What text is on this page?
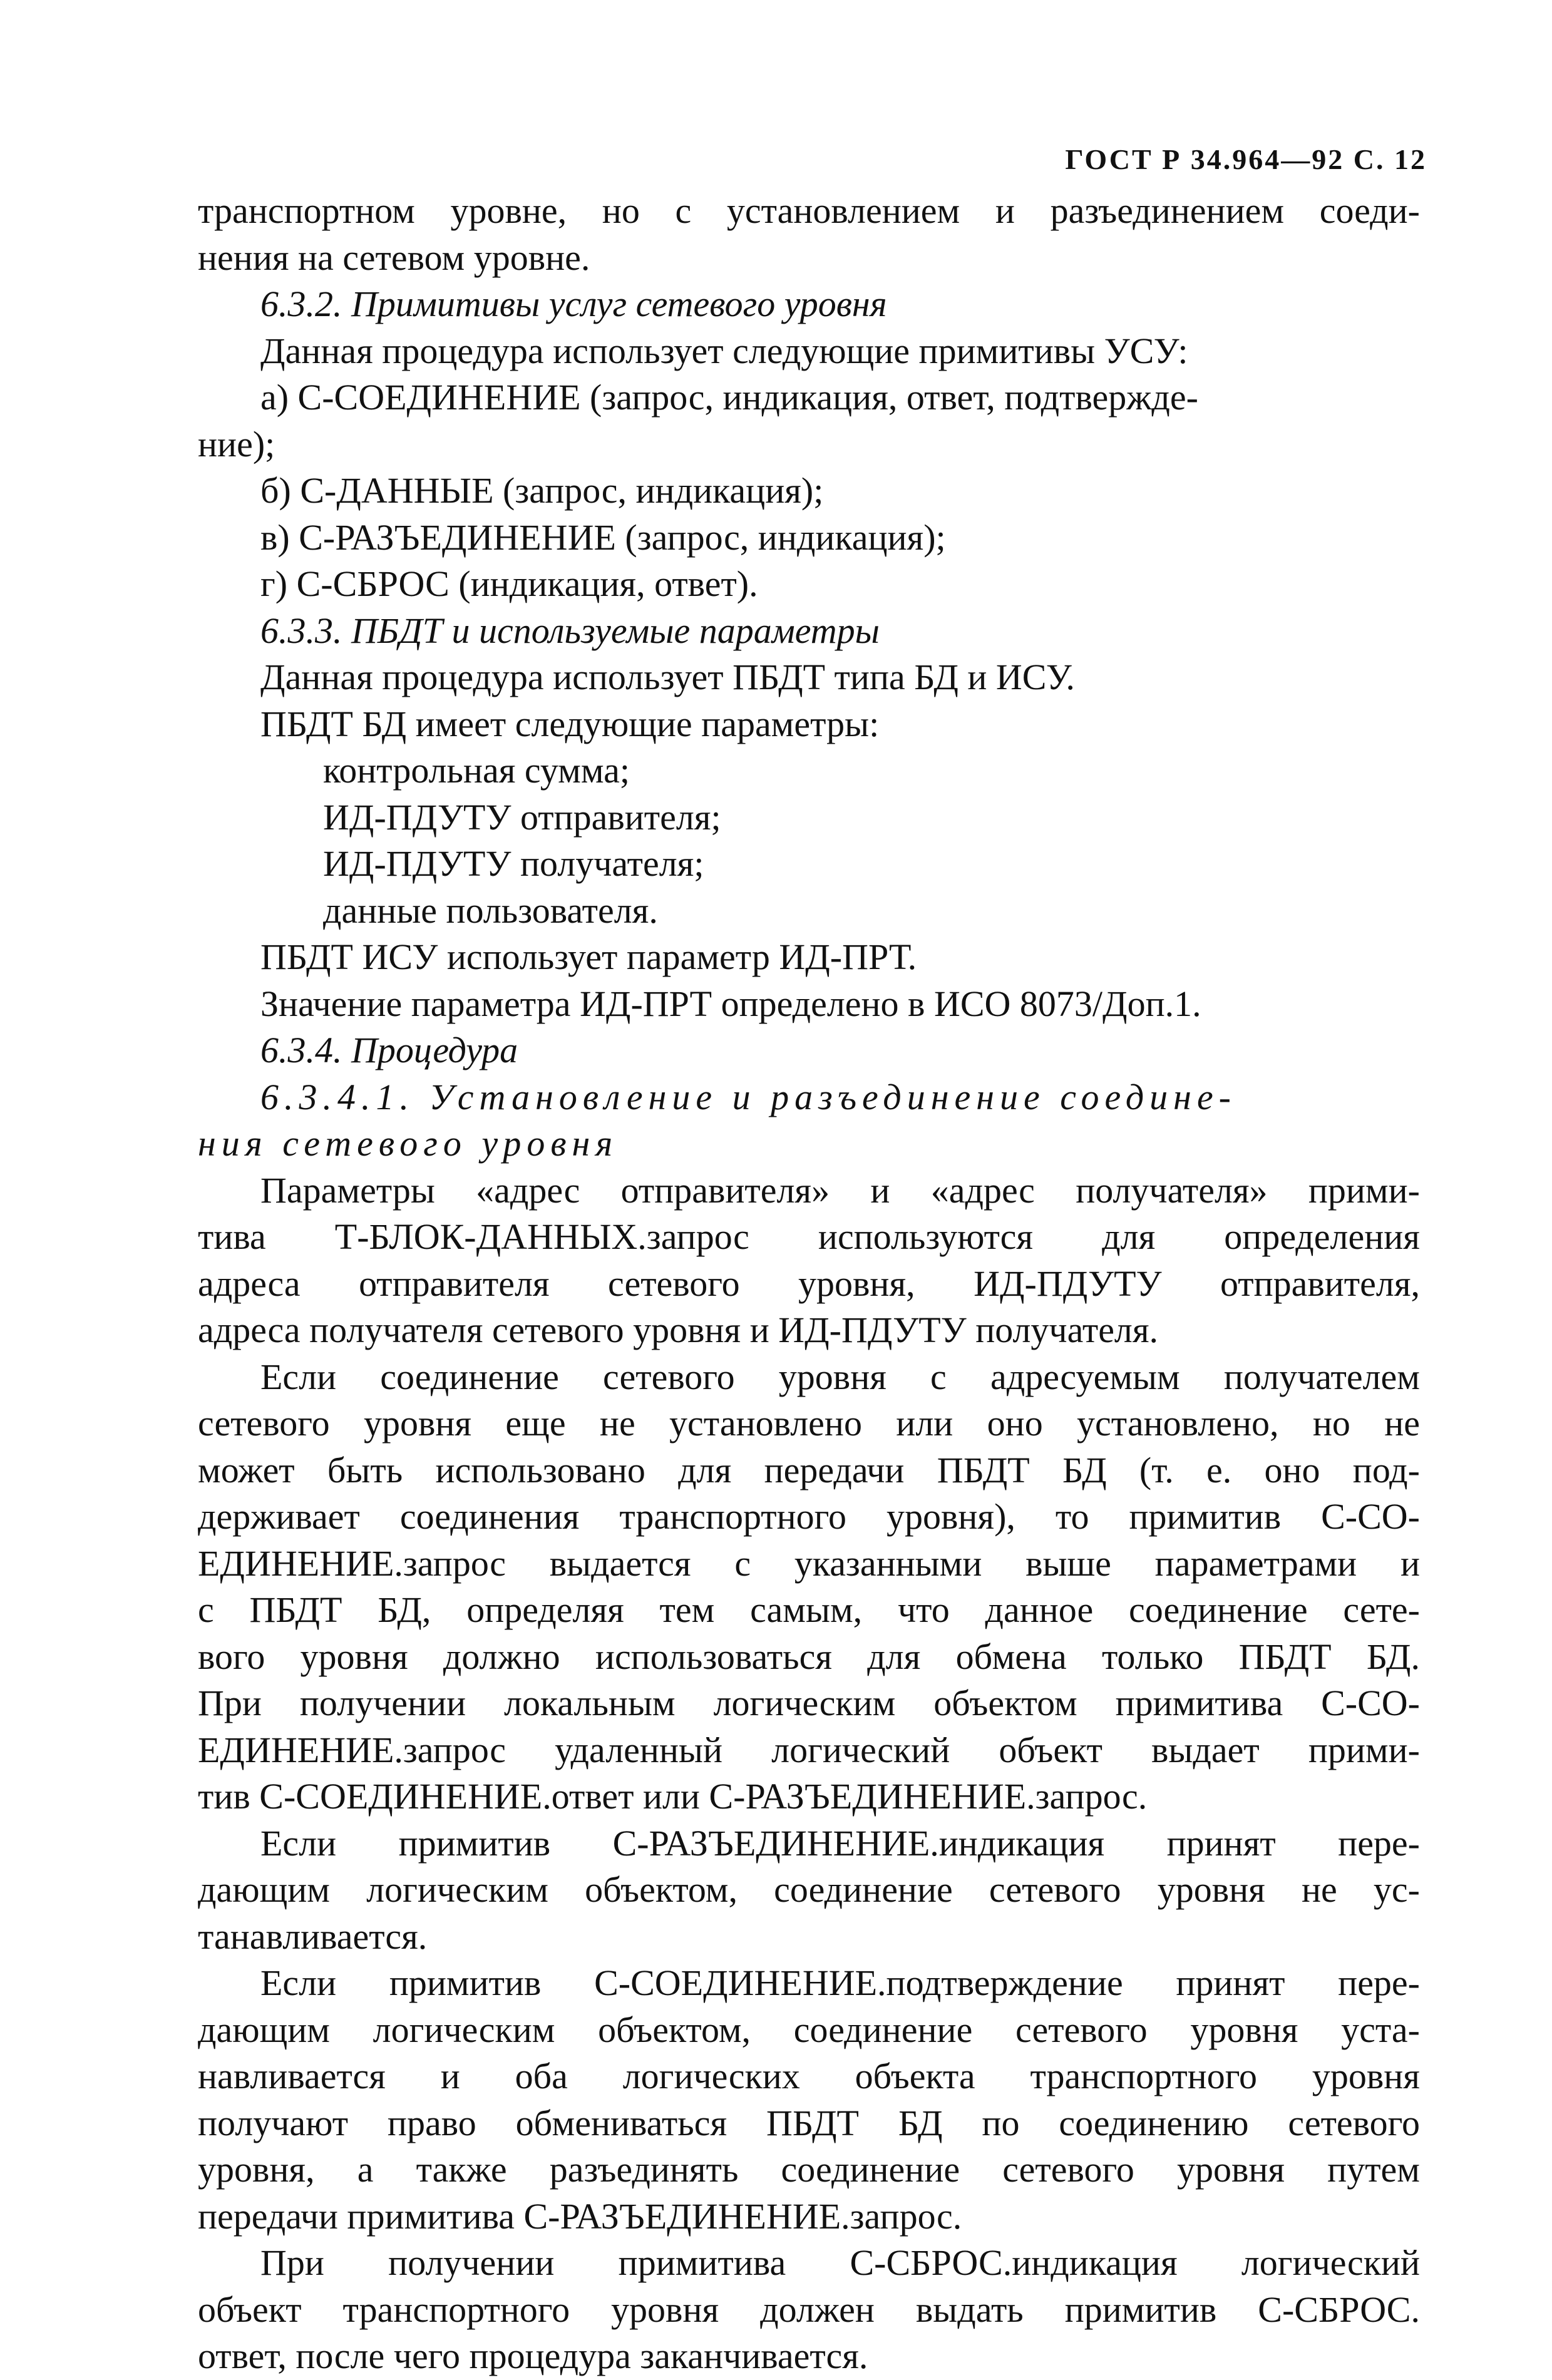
ГОСТ Р 34.964—92 С. 12

транспортном уровне, но с установлением и разъединением соеди-

нения на сетевом уровне.

6.3.2. Примитивы услуг сетевого уровня

Данная процедура использует следующие примитивы УСУ:

а) С-СОЕДИНЕНИЕ (запрос, индикация, ответ, подтвержде-

ние);

б) С-ДАННЫЕ (запрос, индикация);

в) С-РАЗЪЕДИНЕНИЕ (запрос, индикация);

г) С-СБРОС (индикация, ответ).

6.3.3. ПБДТ и используемые параметры

Данная процедура использует ПБДТ типа БД и ИСУ.

ПБДТ БД имеет следующие параметры:

контрольная сумма;

ИД-ПДУТУ отправителя;

ИД-ПДУТУ получателя;

данные пользователя.

ПБДТ ИСУ использует параметр ИД-ПРТ.

Значение параметра ИД-ПРТ определено в ИСО 8073/Доп.1.

6.3.4. Процедура

6.3.4.1. Установление и разъединение соедине-

ния сетевого уровня

Параметры «адрес отправителя» и «адрес получателя» прими-

тива Т-БЛОК-ДАННЫХ.запрос используются для определения

адреса отправителя сетевого уровня, ИД-ПДУТУ отправителя,

адреса получателя сетевого уровня и ИД-ПДУТУ получателя.

Если соединение сетевого уровня с адресуемым получателем

сетевого уровня еще не установлено или оно установлено, но не

может быть использовано для передачи ПБДТ БД (т. е. оно под-

держивает соединения транспортного уровня), то примитив С-СО-

ЕДИНЕНИЕ.запрос выдается с указанными выше параметрами и

с ПБДТ БД, определяя тем самым, что данное соединение сете-

вого уровня должно использоваться для обмена только ПБДТ БД.

При получении локальным логическим объектом примитива С-СО-

ЕДИНЕНИЕ.запрос удаленный логический объект выдает прими-

тив С-СОЕДИНЕНИЕ.ответ или С-РАЗЪЕДИНЕНИЕ.запрос.

Если примитив С-РАЗЪЕДИНЕНИЕ.индикация принят пере-

дающим логическим объектом, соединение сетевого уровня не ус-

танавливается.

Если примитив С-СОЕДИНЕНИЕ.подтверждение принят пере-

дающим логическим объектом, соединение сетевого уровня уста-

навливается и оба логических объекта транспортного уровня

получают право обмениваться ПБДТ БД по соединению сетевого

уровня, а также разъединять соединение сетевого уровня путем

передачи примитива С-РАЗЪЕДИНЕНИЕ.запрос.

При получении примитива С-СБРОС.индикация логический

объект транспортного уровня должен выдать примитив С-СБРОС.

ответ, после чего процедура заканчивается.
